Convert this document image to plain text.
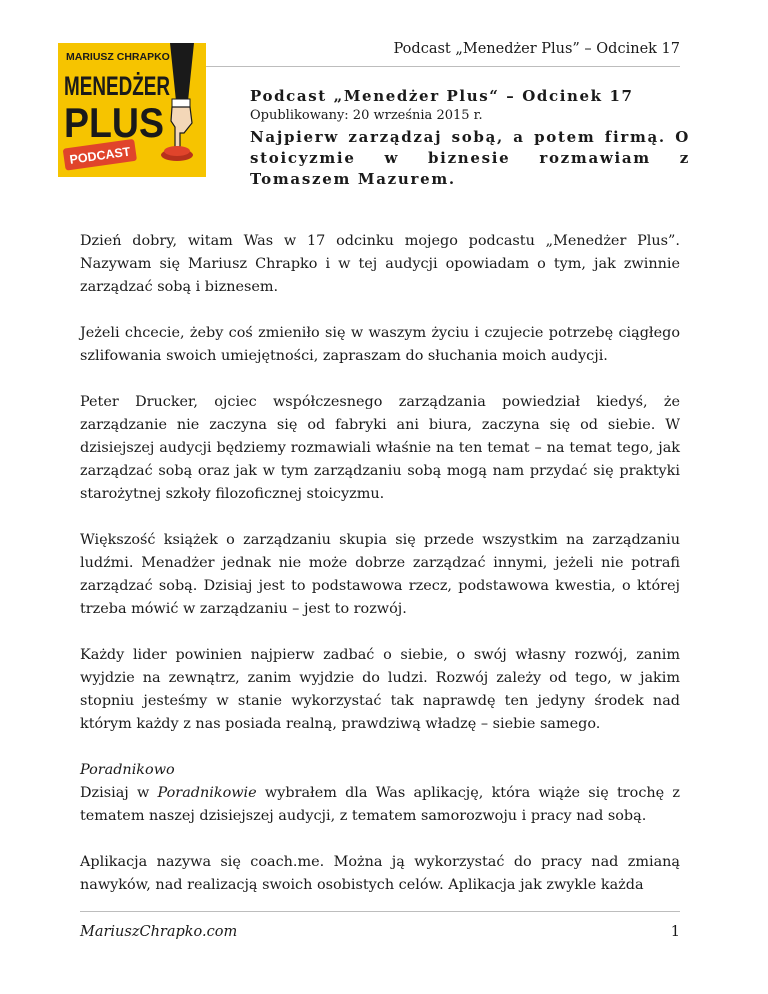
Podcast „Menedżer Plus” – Odcinek 17
MARIUSZ CHRAPKO
MENEDŻER
PLUS
PODCAST
Podcast „Menedżer Plus“ – Odcinek 17
Opublikowany: 20 września 2015 r.
Najpierw zarządzaj sobą, a potem firmą. O stoicyzmie w biznesie rozmawiam z Tomaszem Mazurem.

Dzień dobry, witam Was w 17 odcinku mojego podcastu „Menedżer Plus”. Nazywam się Mariusz Chrapko i w tej audycji opowiadam o tym, jak zwinnie zarządzać sobą i biznesem.

Jeżeli chcecie, żeby coś zmieniło się w waszym życiu i czujecie potrzebę ciągłego szlifowania swoich umiejętności, zapraszam do słuchania moich audycji.

Peter Drucker, ojciec współczesnego zarządzania powiedział kiedyś, że zarządzanie nie zaczyna się od fabryki ani biura, zaczyna się od siebie. W dzisiejszej audycji będziemy rozmawiali właśnie na ten temat – na temat tego, jak zarządzać sobą oraz jak w tym zarządzaniu sobą mogą nam przydać się praktyki starożytnej szkoły filozoficznej stoicyzmu.

Większość książek o zarządzaniu skupia się przede wszystkim na zarządzaniu ludźmi. Menadżer jednak nie może dobrze zarządzać innymi, jeżeli nie potrafi zarządzać sobą. Dzisiaj jest to podstawowa rzecz, podstawowa kwestia, o której trzeba mówić w zarządzaniu – jest to rozwój.

Każdy lider powinien najpierw zadbać o siebie, o swój własny rozwój, zanim wyjdzie na zewnątrz, zanim wyjdzie do ludzi. Rozwój zależy od tego, w jakim stopniu jesteśmy w stanie wykorzystać tak naprawdę ten jedyny środek nad którym każdy z nas posiada realną, prawdziwą władzę – siebie samego.

Poradnikowo

Dzisiaj w Poradnikowie wybrałem dla Was aplikację, która wiąże się trochę z tematem naszej dzisiejszej audycji, z tematem samorozwoju i pracy nad sobą.

Aplikacja nazywa się coach.me. Można ją wykorzystać do pracy nad zmianą nawyków, nad realizacją swoich osobistych celów. Aplikacja jak zwykle każda

MariuszChrapko.com	1
